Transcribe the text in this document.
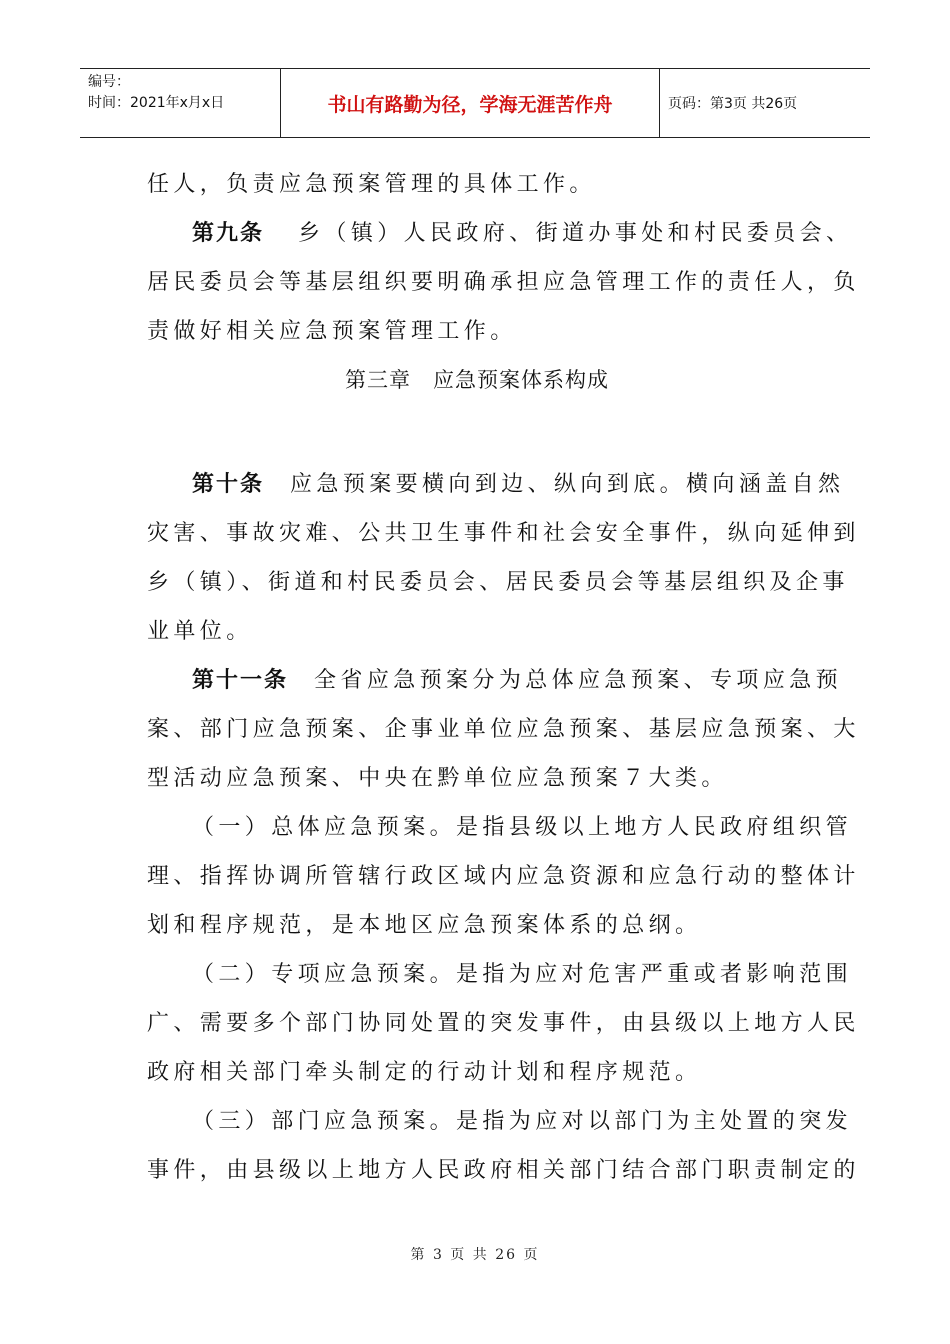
编号：
时间：2021年x月x日	书山有路勤为径，学海无涯苦作舟	页码：第3页 共26页
任人，负责应急预案管理的具体工作。
第九条 乡（镇）人民政府、街道办事处和村民委员会、
居民委员会等基层组织要明确承担应急管理工作的责任人，负
责做好相关应急预案管理工作。
第三章　应急预案体系构成
第十条 应急预案要横向到边、纵向到底。横向涵盖自然
灾害、事故灾难、公共卫生事件和社会安全事件，纵向延伸到
乡（镇）、街道和村民委员会、居民委员会等基层组织及企事
业单位。
第十一条 全省应急预案分为总体应急预案、专项应急预
案、部门应急预案、企事业单位应急预案、基层应急预案、大
型活动应急预案、中央在黔单位应急预案７大类。
（一）总体应急预案。是指县级以上地方人民政府组织管
理、指挥协调所管辖行政区域内应急资源和应急行动的整体计
划和程序规范，是本地区应急预案体系的总纲。
（二）专项应急预案。是指为应对危害严重或者影响范围
广、需要多个部门协同处置的突发事件，由县级以上地方人民
政府相关部门牵头制定的行动计划和程序规范。
（三）部门应急预案。是指为应对以部门为主处置的突发
事件，由县级以上地方人民政府相关部门结合部门职责制定的
第 3 页 共 26 页
